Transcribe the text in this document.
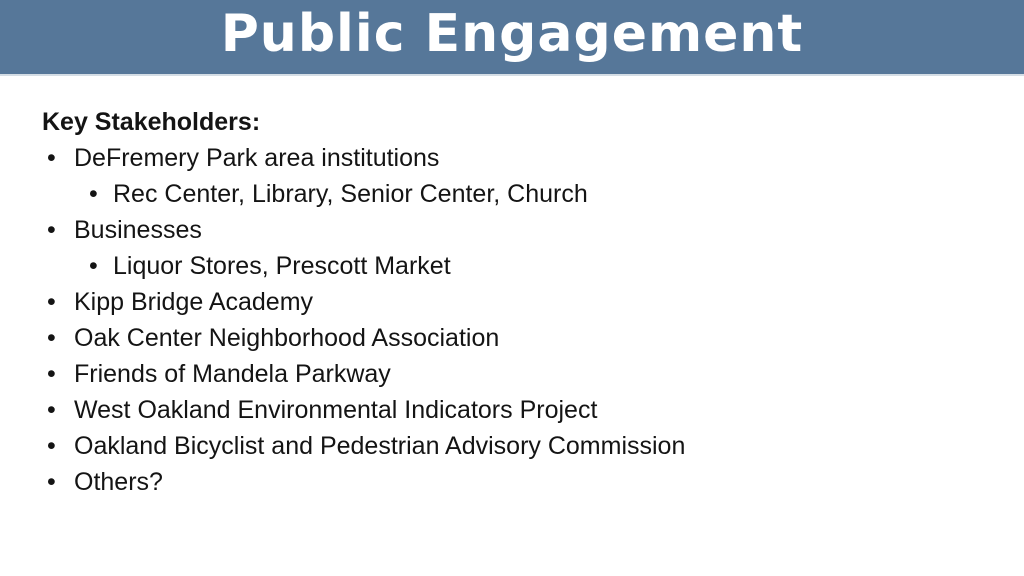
Public Engagement

Key Stakeholders:

• DeFremery Park area institutions
• Rec Center, Library, Senior Center, Church
• Businesses
• Liquor Stores, Prescott Market
• Kipp Bridge Academy
• Oak Center Neighborhood Association
• Friends of Mandela Parkway
• West Oakland Environmental Indicators Project
• Oakland Bicyclist and Pedestrian Advisory Commission
• Others?
